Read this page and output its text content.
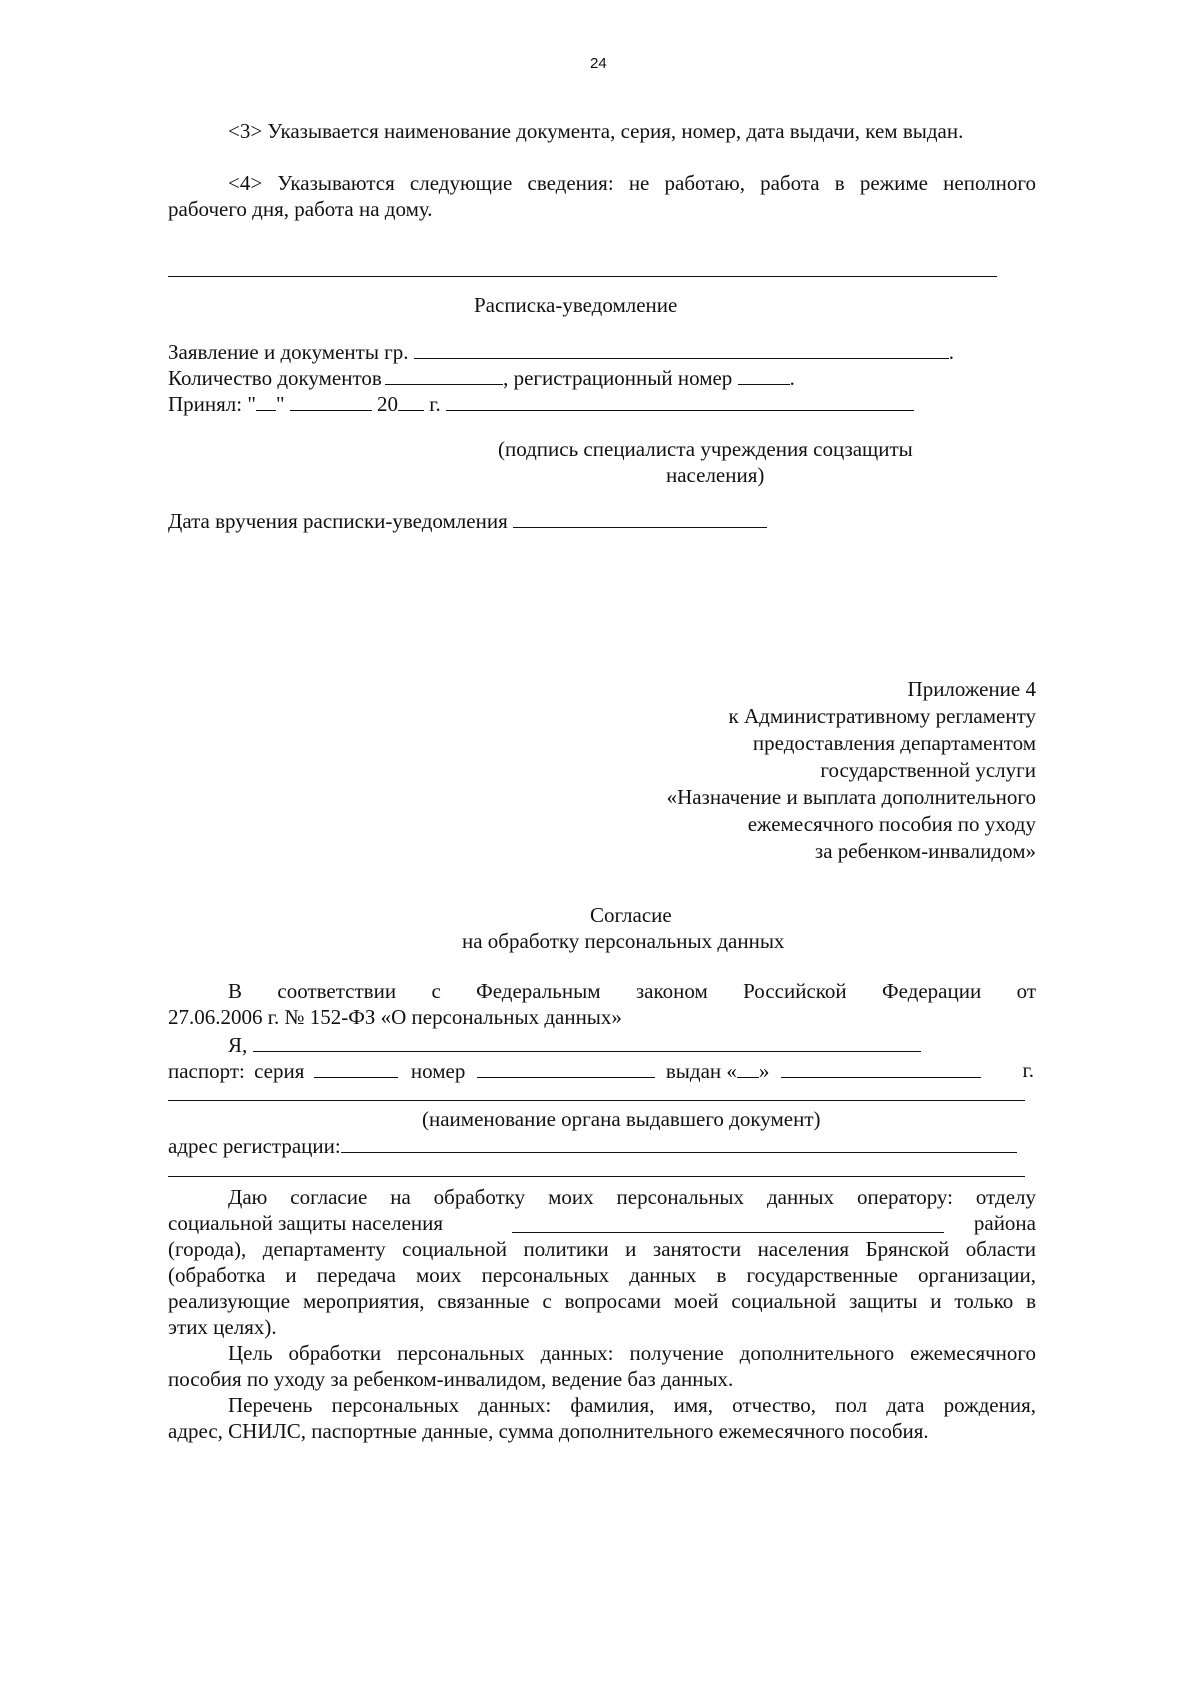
24
<3> Указывается наименование документа, серия, номер, дата выдачи, кем выдан.
<4> Указываются следующие сведения: не работаю, работа в режиме неполного
рабочего дня, работа на дому.
Расписка-уведомление
Заявление и документы гр.	.
Количество документов	, регистрационный номер	.
Принял: " "	20 г.
(подпись специалиста учреждения соцзащиты
населения)
Дата вручения расписки-уведомления

Приложение 4

к Административному регламенту

предоставления департаментом

государственной услуги

«Назначение и выплата дополнительного

ежемесячного пособия по уходу

за ребенком-инвалидом»

Согласие
на обработку персональных данных
В соответствии с Федеральным законом Российской Федерации от
27.06.2006 г. № 152-ФЗ «О персональных данных»
Я,
паспорт: серия	номер	выдан « »	г.
(наименование органа выдавшего документ)
адрес регистрации:
Даю согласие на обработку моих персональных данных оператору: отделу
социальной защиты населения	района
(города), департаменту социальной политики и занятости населения Брянской области
(обработка и передача моих персональных данных в государственные организации,
реализующие мероприятия, связанные с вопросами моей социальной защиты и только в
этих целях).
Цель обработки персональных данных: получение дополнительного ежемесячного
пособия по уходу за ребенком-инвалидом, ведение баз данных.
Перечень персональных данных: фамилия, имя, отчество, пол дата рождения,
адрес, СНИЛС, паспортные данные, сумма дополнительного ежемесячного пособия.
